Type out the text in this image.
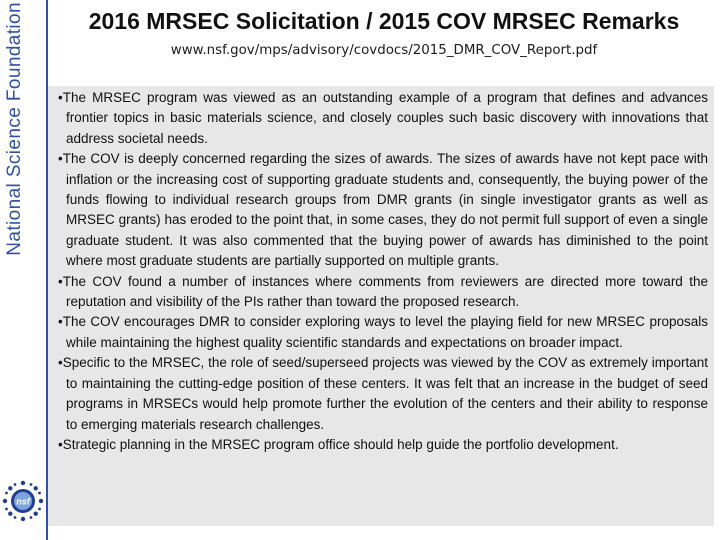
National Science Foundation
nsf
2016 MRSEC Solicitation / 2015 COV MRSEC Remarks
www.nsf.gov/mps/advisory/covdocs/2015_DMR_COV_Report.pdf
• The MRSEC program was viewed as an outstanding example of a program that defines and advances frontier topics in basic materials science, and closely couples such basic discovery with innovations that address societal needs.
• The COV is deeply concerned regarding the sizes of awards. The sizes of awards have not kept pace with inflation or the increasing cost of supporting graduate students and, consequently, the buying power of the funds flowing to individual research groups from DMR grants (in single investigator grants as well as MRSEC grants) has eroded to the point that, in some cases, they do not permit full support of even a single graduate student. It was also commented that the buying power of awards has diminished to the point where most graduate students are partially supported on multiple grants.
• The COV found a number of instances where comments from reviewers are directed more toward the reputation and visibility of the PIs rather than toward the proposed research.
• The COV encourages DMR to consider exploring ways to level the playing field for new MRSEC proposals while maintaining the highest quality scientific standards and expectations on broader impact.
• Specific to the MRSEC, the role of seed/superseed projects was viewed by the COV as extremely important to maintaining the cutting-edge position of these centers. It was felt that an increase in the budget of seed programs in MRSECs would help promote further the evolution of the centers and their ability to response to emerging materials research challenges.
• Strategic planning in the MRSEC program office should help guide the portfolio development.
